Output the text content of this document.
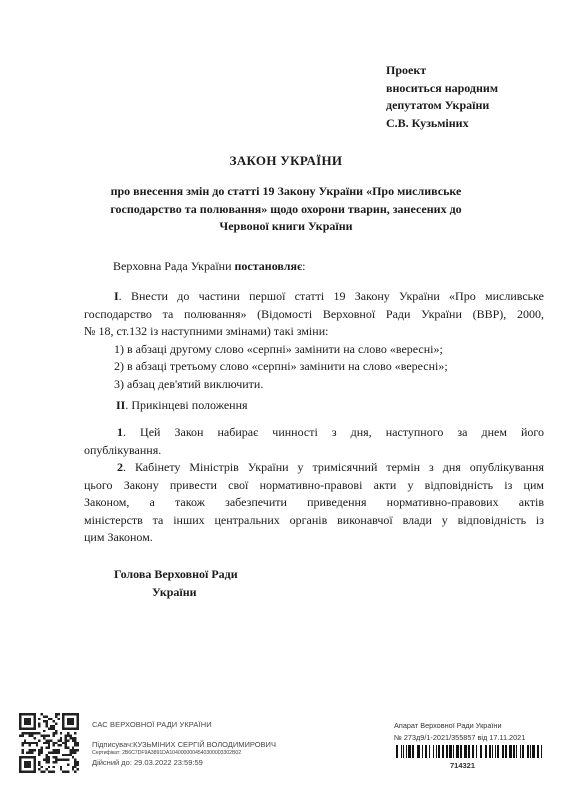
Проект
вноситься народним
депутатом України
С.В. Кузьміних
ЗАКОН УКРАЇНИ
про внесення змін до статті 19 Закону України «Про мисливське
господарство та полювання» щодо охорони тварин, занесених до
Червоної книги України
Верховна Рада України постановляє:
І. Внести до частини першої статті 19 Закону України «Про мисливське
господарство та полювання» (Відомості Верховної Ради України (ВВР), 2000,
№ 18, ст.132 із наступними змінами) такі зміни:
1) в абзаці другому слово «серпні» замінити на слово «вересні»;
2) в абзаці третьому слово «серпні» замінити на слово «вересні»;
3) абзац дев'ятий виключити.
ІІ. Прикінцеві положення
1. Цей Закон набирає чинності з дня, наступного за днем його
опублікування.
2. Кабінету Міністрів України у тримісячний термін з дня опублікування
цього Закону привести свої нормативно-правові акти у відповідність із цим
Законом, а також забезпечити приведення нормативно-правових актів
міністерств та інших центральних органів виконавчої влади у відповідність із
цим Законом.
Голова Верховної Ради
України
САС ВЕРХОВНОЇ РАДИ УКРАЇНИ
Підписувач:КУЗЬМІНИХ СЕРГІЙ ВОЛОДИМИРОВИЧ
Сертифікат: 2B6C7DF9A3891DA1040000004540300003302B02
Дійсний до: 29.03.2022 23:59:59
Апарат Верховної Ради України
№ 273д9/1-2021/355857 від 17.11.2021
714321
